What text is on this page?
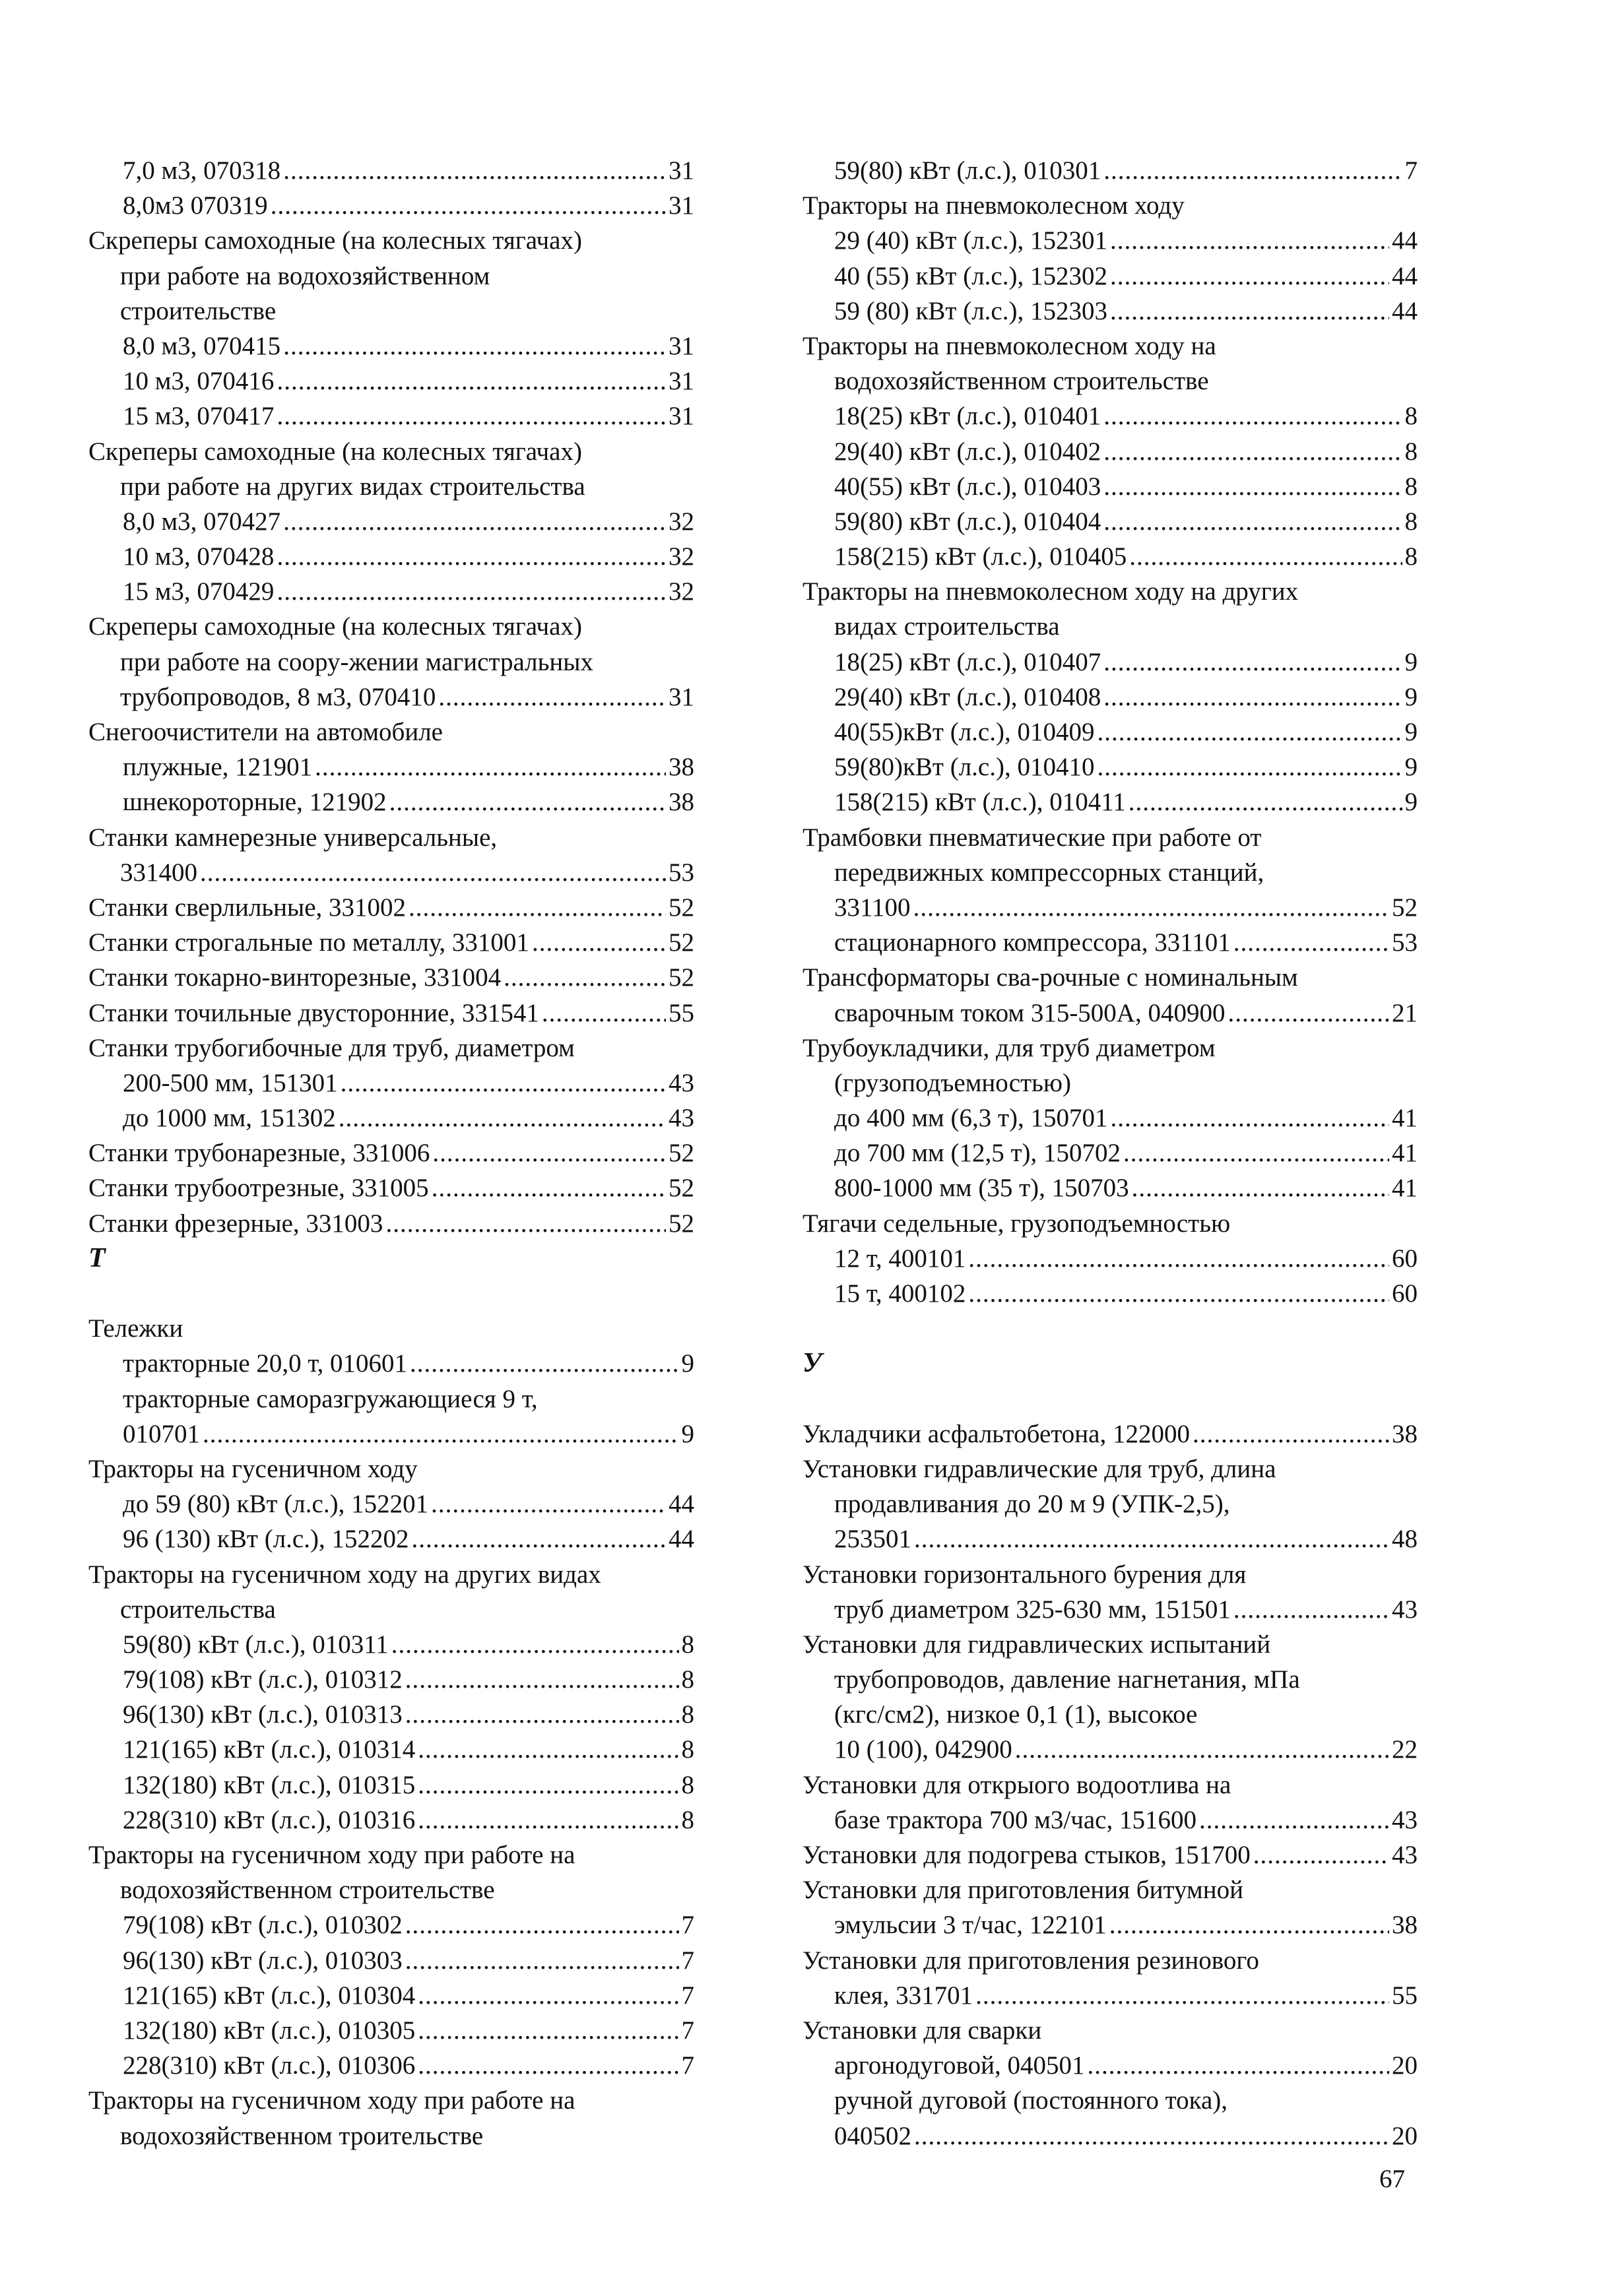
7,0 м3, 070318 .....	31
8,0м3 070319 .....	31
Скреперы самоходные (на колесных тягачах)
при работе на водохозяйственном
строительстве
8,0 м3, 070415 .....	31
10 м3, 070416 .....	31
15 м3, 070417 .....	31
Скреперы самоходные (на колесных тягачах)
при работе на других видах строительства
8,0 м3, 070427 .....	32
10 м3, 070428 .....	32
15 м3, 070429 .....	32
Скреперы самоходные (на колесных тягачах)
при работе на соору-жении магистральных
трубопроводов, 8 м3, 070410 .....	31
Снегоочистители на автомобиле
плужные, 121901 .....	38
шнекороторные, 121902 .....	38
Станки камнерезные универсальные,
331400 .....	53
Станки сверлильные, 331002 .....	52
Станки строгальные по металлу, 331001 .....	52
Станки токарно-винторезные, 331004 .....	52
Станки точильные двусторонние, 331541 .....	55
Станки трубогибочные для труб, диаметром
200-500 мм, 151301 .....	43
до 1000 мм, 151302 .....	43
Станки трубонарезные, 331006 .....	52
Станки трубоотрезные, 331005 .....	52
Станки фрезерные, 331003 .....	52
Т
Тележки
тракторные 20,0 т, 010601 .....	9
тракторные саморазгружающиеся 9 т,
010701 .....	9
Тракторы на гусеничном ходу
до 59 (80) кВт (л.с.), 152201 .....	44
96 (130) кВт (л.с.), 152202 .....	44
Тракторы на гусеничном ходу на других видах
строительства
59(80) кВт (л.с.), 010311 .....	8
79(108) кВт (л.с.), 010312 .....	8
96(130) кВт (л.с.), 010313 .....	8
121(165) кВт (л.с.), 010314 .....	8
132(180) кВт (л.с.), 010315 .....	8
228(310) кВт (л.с.), 010316 .....	8
Тракторы на гусеничном ходу при работе на
водохозяйственном строительстве
79(108) кВт (л.с.), 010302 .....	7
96(130) кВт (л.с.), 010303 .....	7
121(165) кВт (л.с.), 010304 .....	7
132(180) кВт (л.с.), 010305 .....	7
228(310) кВт (л.с.), 010306 .....	7
Тракторы на гусеничном ходу при работе на
водохозяйственном троительстве
59(80) кВт (л.с.), 010301 .....	7
Тракторы на пневмоколесном ходу
29 (40) кВт (л.с.), 152301 .....	44
40 (55) кВт (л.с.), 152302 .....	44
59 (80) кВт (л.с.), 152303 .....	44
Тракторы на пневмоколесном ходу на
водохозяйственном строительстве
18(25) кВт (л.с.), 010401 .....	8
29(40) кВт (л.с.), 010402 .....	8
40(55) кВт (л.с.), 010403 .....	8
59(80) кВт (л.с.), 010404 .....	8
158(215) кВт (л.с.), 010405 .....	8
Тракторы на пневмоколесном ходу на других
видах строительства
18(25) кВт (л.с.), 010407 .....	9
29(40) кВт (л.с.), 010408 .....	9
40(55)кВт (л.с.), 010409 .....	9
59(80)кВт (л.с.), 010410 .....	9
158(215) кВт (л.с.), 010411 .....	9
Трамбовки пневматические при работе от
передвижных компрессорных станций,
331100 .....	52
стационарного компрессора, 331101 .....	53
Трансформаторы сва-рочные с номинальным
сварочным током 315-500А, 040900 .....	21
Трубоукладчики, для труб диаметром
(грузоподъемностью)
до 400 мм (6,3 т), 150701 .....	41
до 700 мм (12,5 т), 150702 .....	41
800-1000 мм (35 т), 150703 .....	41
Тягачи седельные, грузоподъемностью
12 т, 400101 .....	60
15 т, 400102 .....	60
У
Укладчики асфальтобетона, 122000 .....	38
Установки гидравлические для труб, длина
продавливания до 20 м 9 (УПК-2,5),
253501 .....	48
Установки горизонтального бурения для
труб диаметром 325-630 мм, 151501 .....	43
Установки для гидравлических испытаний
трубопроводов, давление нагнетания, мПа
(кгс/см2), низкое 0,1 (1), высокое
10 (100), 042900 .....	22
Установки для открыого водоотлива на
базе трактора 700 м3/час, 151600 .....	43
Установки для подогрева стыков, 151700 .....	43
Установки для приготовления битумной
эмульсии 3 т/час, 122101 .....	38
Установки для приготовления резинового
клея, 331701 .....	55
Установки для сварки
аргонодуговой, 040501 .....	20
ручной дуговой (постоянного тока),
040502 .....	20
67
